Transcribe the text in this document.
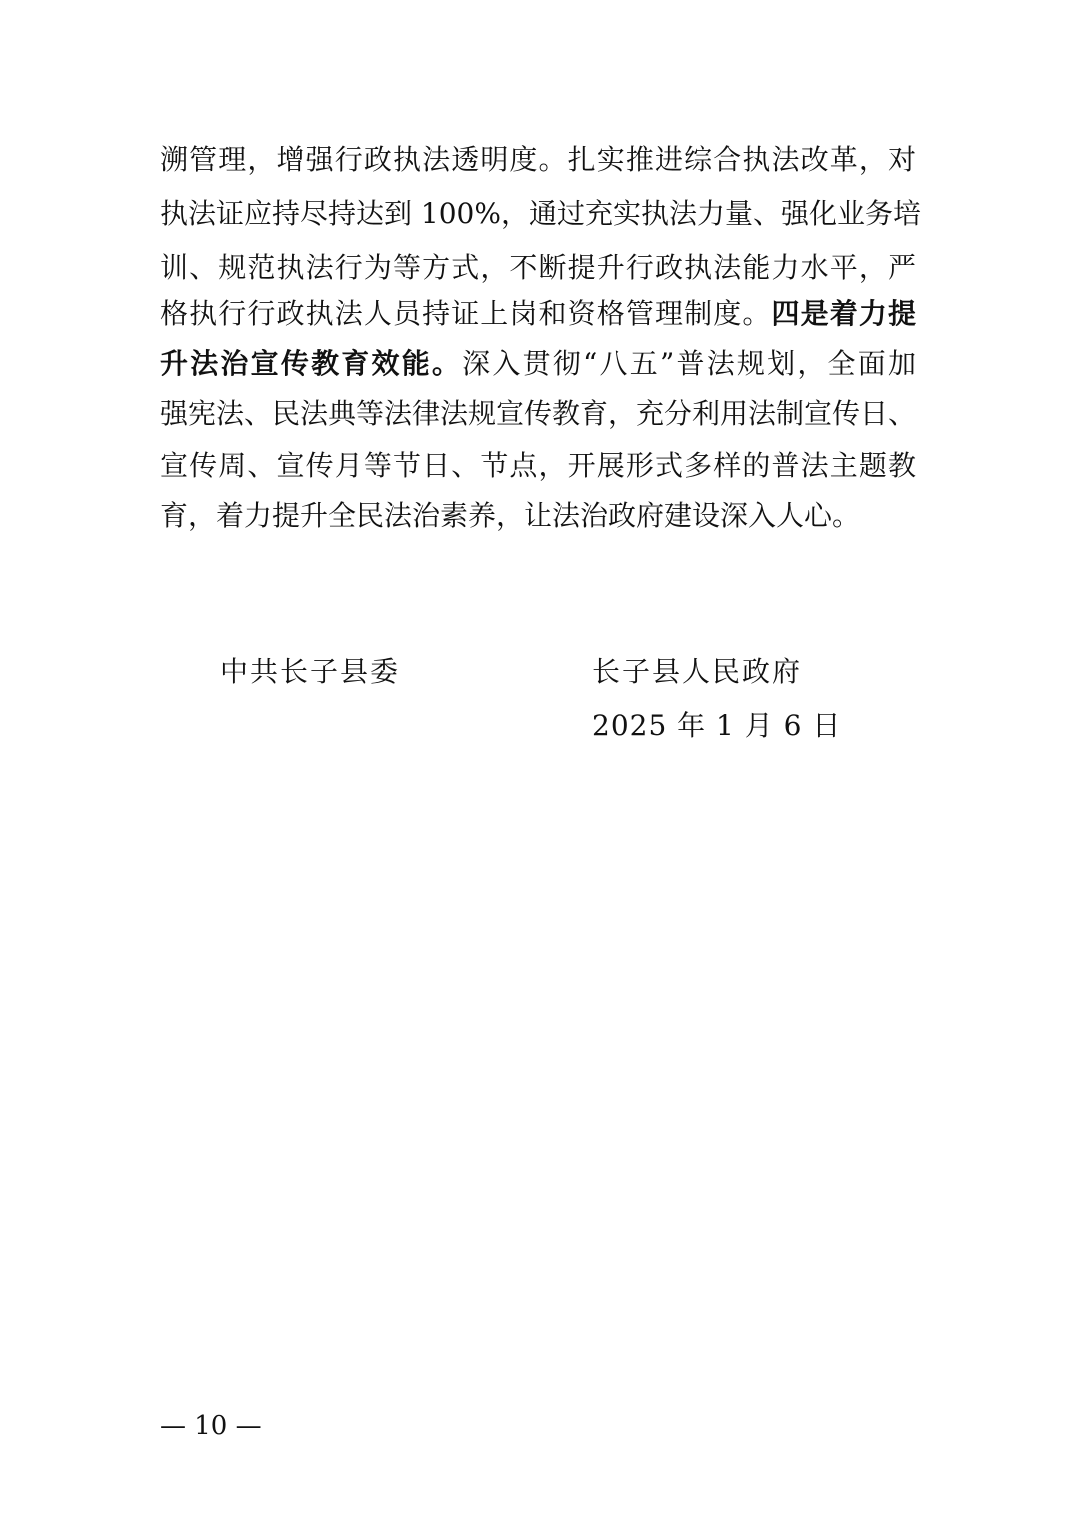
溯管理，增强行政执法透明度。扎实推进综合执法改革，对
执法证应持尽持达到 100%，通过充实执法力量、强化业务培
训、规范执法行为等方式，不断提升行政执法能力水平，严
格执行行政执法人员持证上岗和资格管理制度。四是着力提
升法治宣传教育效能。深入贯彻“八五”普法规划，全面加
强宪法、民法典等法律法规宣传教育，充分利用法制宣传日、
宣传周、宣传月等节日、节点，开展形式多样的普法主题教
育，着力提升全民法治素养，让法治政府建设深入人心。
中共长子县委	长子县人民政府
2025 年 1 月 6 日
— 10 —
